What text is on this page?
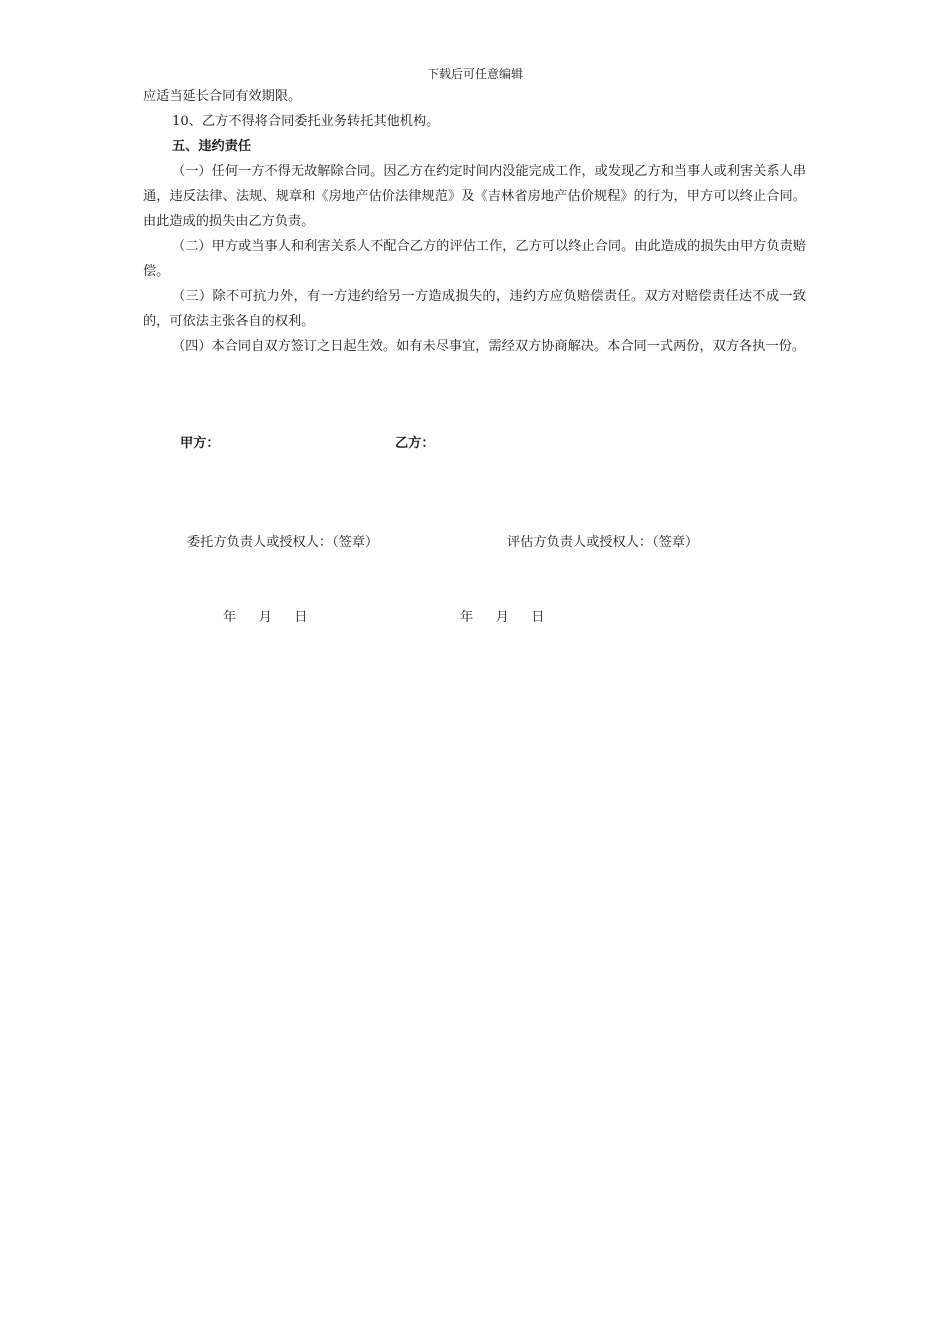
下载后可任意编辑

应适当延长合同有效期限。

10、乙方不得将合同委托业务转托其他机构。

五、违约责任

（一）任何一方不得无故解除合同。因乙方在约定时间内没能完成工作，或发现乙方和当事人或利害关系人串通，违反法律、法规、规章和《房地产估价法律规范》及《吉林省房地产估价规程》的行为，甲方可以终止合同。由此造成的损失由乙方负责。

（二）甲方或当事人和利害关系人不配合乙方的评估工作，乙方可以终止合同。由此造成的损失由甲方负责赔偿。

（三）除不可抗力外，有一方违约给另一方造成损失的，违约方应负赔偿责任。双方对赔偿责任达不成一致的，可依法主张各自的权利。

（四）本合同自双方签订之日起生效。如有未尽事宜，需经双方协商解决。本合同一式两份，双方各执一份。

甲方：	乙方：
委托方负责人或授权人：（签章）	评估方负责人或授权人：（签章）
年 月 日	年 月 日
